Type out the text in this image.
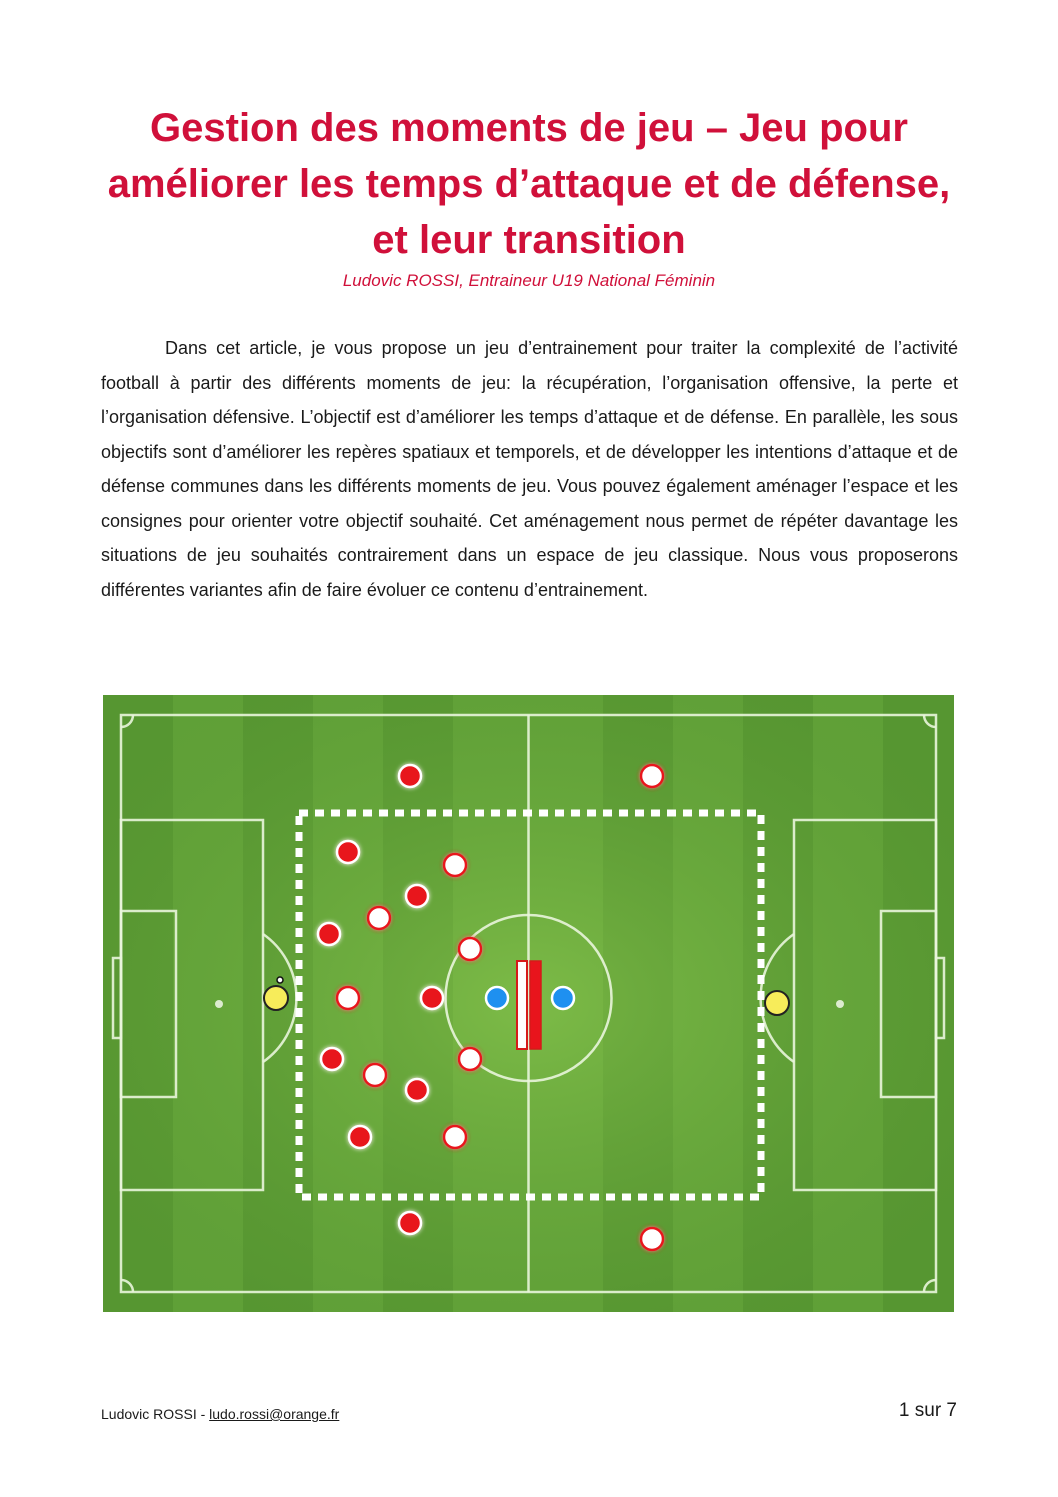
Gestion des moments de jeu – Jeu pour améliorer les temps d’attaque et de défense, et leur transition
Ludovic ROSSI, Entraineur U19 National Féminin

Dans cet article, je vous propose un jeu d’entrainement pour traiter la complexité de l’activité football à partir des différents moments de jeu: la récupération, l’organisation offensive, la perte et l’organisation défensive. L’objectif est d’améliorer les temps d’attaque et de défense. En parallèle, les sous objectifs sont d’améliorer les repères spatiaux et temporels, et de développer les intentions d’attaque et de défense communes dans les différents moments de jeu. Vous pouvez également aménager l’espace et les consignes pour orienter votre objectif souhaité. Cet aménagement nous permet de répéter davantage les situations de jeu souhaités contrairement dans un espace de jeu classique. Nous vous proposerons différentes variantes afin de faire évoluer ce contenu d’entrainement.

Ludovic ROSSI - ludo.rossi@orange.fr	1 sur 7
